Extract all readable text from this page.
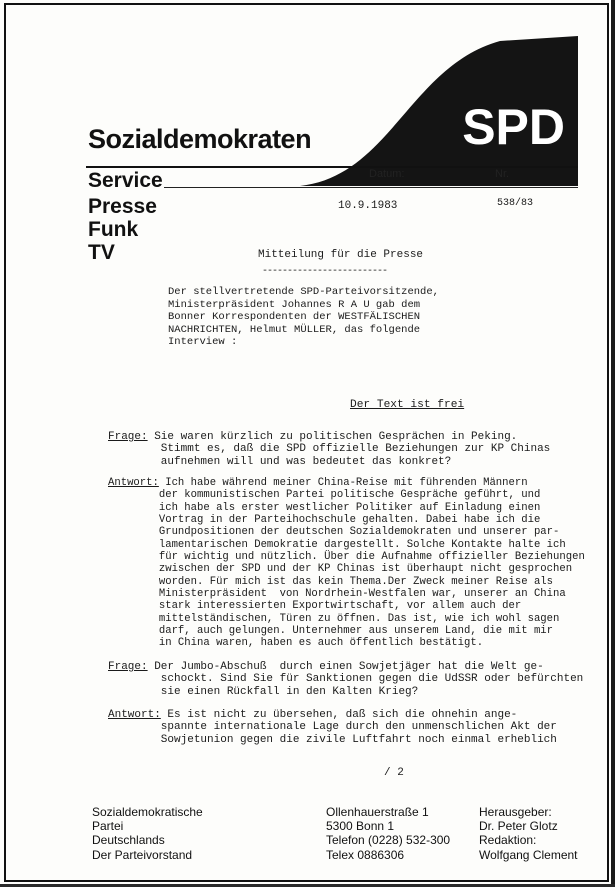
SPD
Sozialdemokraten
Service
Presse
Funk
TV
Datum:	Nr.
10.9.1983	538/83
Mitteilung für die Presse
-------------------------
Der stellvertretende SPD-Parteivorsitzende,
Ministerpräsident Johannes R A U gab dem
Bonner Korrespondenten der WESTFÄLISCHEN
NACHRICHTEN, Helmut MÜLLER, das folgende
Interview :
Der Text ist frei
Frage: Sie waren kürzlich zu politischen Gesprächen in Peking.
Stimmt es, daß die SPD offizielle Beziehungen zur KP Chinas
aufnehmen will und was bedeutet das konkret?
Antwort: Ich habe während meiner China-Reise mit führenden Männern
der kommunistischen Partei politische Gespräche geführt, und
ich habe als erster westlicher Politiker auf Einladung einen
Vortrag in der Parteihochschule gehalten. Dabei habe ich die
Grundpositionen der deutschen Sozialdemokraten und unserer par-
lamentarischen Demokratie dargestellt. Solche Kontakte halte ich
für wichtig und nützlich. Über die Aufnahme offizieller Beziehungen
zwischen der SPD und der KP Chinas ist überhaupt nicht gesprochen
worden. Für mich ist das kein Thema.Der Zweck meiner Reise als
Ministerpräsident  von Nordrhein-Westfalen war, unserer an China
stark interessierten Exportwirtschaft, vor allem auch der
mittelständischen, Türen zu öffnen. Das ist, wie ich wohl sagen
darf, auch gelungen. Unternehmer aus unserem Land, die mit mir
in China waren, haben es auch öffentlich bestätigt.
Frage: Der Jumbo-Abschuß  durch einen Sowjetjäger hat die Welt ge-
schockt. Sind Sie für Sanktionen gegen die UdSSR oder befürchten
sie einen Rückfall in den Kalten Krieg?
Antwort: Es ist nicht zu übersehen, daß sich die ohnehin ange-
spannte internationale Lage durch den unmenschlichen Akt der
Sowjetunion gegen die zivile Luftfahrt noch einmal erheblich
/ 2
Sozialdemokratische
Partei
Deutschlands
Der Parteivorstand
Ollenhauerstraße 1
5300 Bonn 1
Telefon (0228) 532-300
Telex 0886306
Herausgeber:
Dr. Peter Glotz
Redaktion:
Wolfgang Clement
